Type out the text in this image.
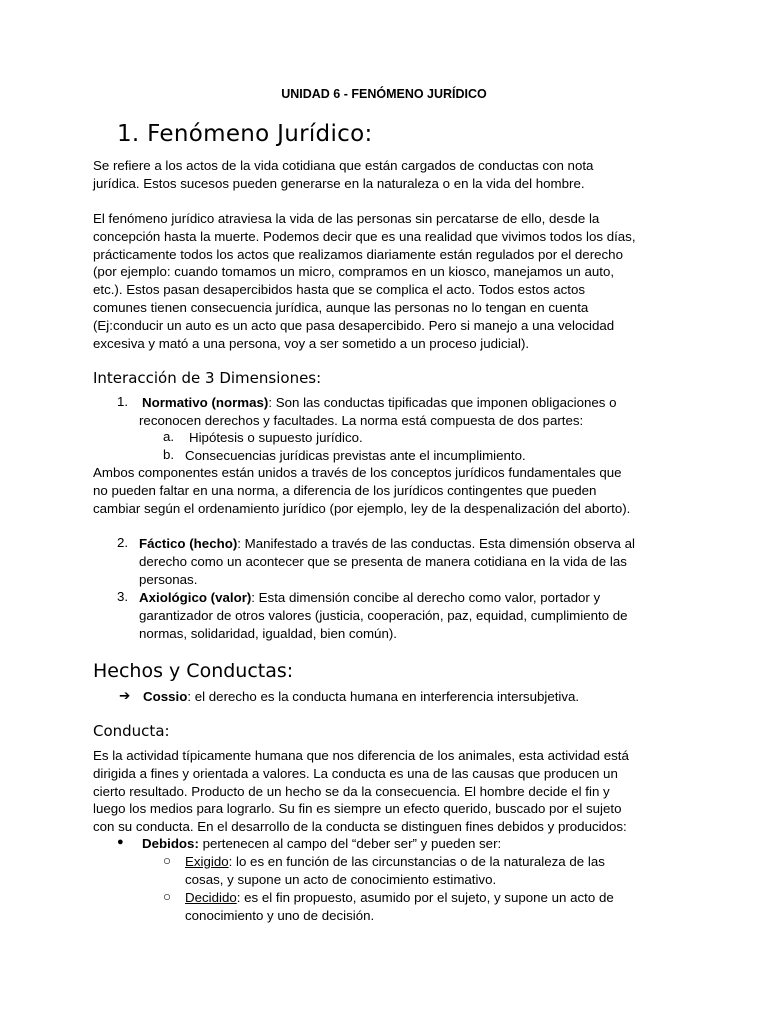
UNIDAD 6 - FENÓMENO JURÍDICO
1. Fenómeno Jurídico:
Se refiere a los actos de la vida cotidiana que están cargados de conductas con nota
jurídica. Estos sucesos pueden generarse en la naturaleza o en la vida del hombre.
El fenómeno jurídico atraviesa la vida de las personas sin percatarse de ello, desde la
concepción hasta la muerte. Podemos decir que es una realidad que vivimos todos los días,
prácticamente todos los actos que realizamos diariamente están regulados por el derecho
(por ejemplo: cuando tomamos un micro, compramos en un kiosco, manejamos un auto,
etc.). Estos pasan desapercibidos hasta que se complica el acto. Todos estos actos
comunes tienen consecuencia jurídica, aunque las personas no lo tengan en cuenta
(Ej:conducir un auto es un acto que pasa desapercibido. Pero si manejo a una velocidad
excesiva y mató a una persona, voy a ser sometido a un proceso judicial).
Interacción de 3 Dimensiones:
1. Normativo (normas): Son las conductas tipificadas que imponen obligaciones o
reconocen derechos y facultades. La norma está compuesta de dos partes:
a. Hipótesis o supuesto jurídico.
b. Consecuencias jurídicas previstas ante el incumplimiento.
Ambos componentes están unidos a través de los conceptos jurídicos fundamentales que
no pueden faltar en una norma, a diferencia de los jurídicos contingentes que pueden
cambiar según el ordenamiento jurídico (por ejemplo, ley de la despenalización del aborto).
2. Fáctico (hecho): Manifestado a través de las conductas. Esta dimensión observa al
derecho como un acontecer que se presenta de manera cotidiana en la vida de las
personas.
3. Axiológico (valor): Esta dimensión concibe al derecho como valor, portador y
garantizador de otros valores (justicia, cooperación, paz, equidad, cumplimiento de
normas, solidaridad, igualdad, bien común).
Hechos y Conductas:
➔ Cossio: el derecho es la conducta humana en interferencia intersubjetiva.
Conducta:
Es la actividad típicamente humana que nos diferencia de los animales, esta actividad está
dirigida a fines y orientada a valores. La conducta es una de las causas que producen un
cierto resultado. Producto de un hecho se da la consecuencia. El hombre decide el fin y
luego los medios para lograrlo. Su fin es siempre un efecto querido, buscado por el sujeto
con su conducta. En el desarrollo de la conducta se distinguen fines debidos y producidos:
● Debidos: pertenecen al campo del “deber ser” y pueden ser:
○ Exigido: lo es en función de las circunstancias o de la naturaleza de las
cosas, y supone un acto de conocimiento estimativo.
○ Decidido: es el fin propuesto, asumido por el sujeto, y supone un acto de
conocimiento y uno de decisión.
